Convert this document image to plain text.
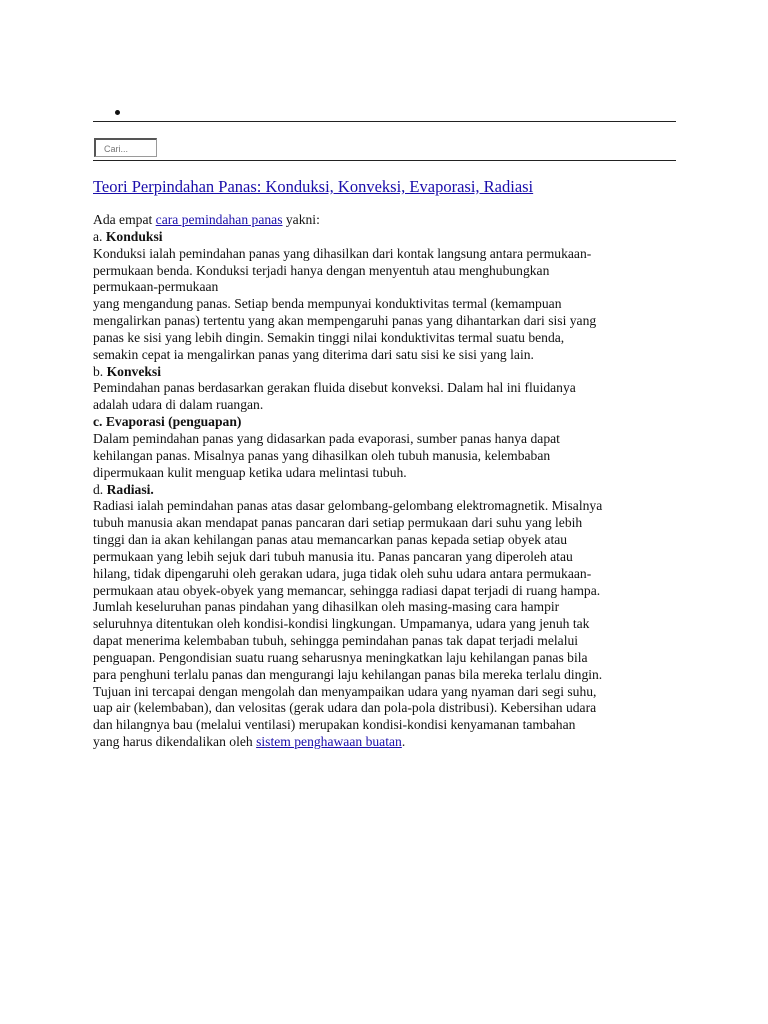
Cari...
Teori Perpindahan Panas: Konduksi, Konveksi, Evaporasi, Radiasi
Ada empat cara pemindahan panas yakni:
a. Konduksi
Konduksi ialah pemindahan panas yang dihasilkan dari kontak langsung antara permukaan-
permukaan benda. Konduksi terjadi hanya dengan menyentuh atau menghubungkan
permukaan-permukaan
yang mengandung panas. Setiap benda mempunyai konduktivitas termal (kemampuan
mengalirkan panas) tertentu yang akan mempengaruhi panas yang dihantarkan dari sisi yang
panas ke sisi yang lebih dingin. Semakin tinggi nilai konduktivitas termal suatu benda,
semakin cepat ia mengalirkan panas yang diterima dari satu sisi ke sisi yang lain.
b. Konveksi
Pemindahan panas berdasarkan gerakan fluida disebut konveksi. Dalam hal ini fluidanya
adalah udara di dalam ruangan.
c. Evaporasi (penguapan)
Dalam pemindahan panas yang didasarkan pada evaporasi, sumber panas hanya dapat
kehilangan panas. Misalnya panas yang dihasilkan oleh tubuh manusia, kelembaban
dipermukaan kulit menguap ketika udara melintasi tubuh.
d. Radiasi.
Radiasi ialah pemindahan panas atas dasar gelombang-gelombang elektromagnetik. Misalnya
tubuh manusia akan mendapat panas pancaran dari setiap permukaan dari suhu yang lebih
tinggi dan ia akan kehilangan panas atau memancarkan panas kepada setiap obyek atau
permukaan yang lebih sejuk dari tubuh manusia itu. Panas pancaran yang diperoleh atau
hilang, tidak dipengaruhi oleh gerakan udara, juga tidak oleh suhu udara antara permukaan-
permukaan atau obyek-obyek yang memancar, sehingga radiasi dapat terjadi di ruang hampa.
Jumlah keseluruhan panas pindahan yang dihasilkan oleh masing-masing cara hampir
seluruhnya ditentukan oleh kondisi-kondisi lingkungan. Umpamanya, udara yang jenuh tak
dapat menerima kelembaban tubuh, sehingga pemindahan panas tak dapat terjadi melalui
penguapan. Pengondisian suatu ruang seharusnya meningkatkan laju kehilangan panas bila
para penghuni terlalu panas dan mengurangi laju kehilangan panas bila mereka terlalu dingin.
Tujuan ini tercapai dengan mengolah dan menyampaikan udara yang nyaman dari segi suhu,
uap air (kelembaban), dan velositas (gerak udara dan pola-pola distribusi). Kebersihan udara
dan hilangnya bau (melalui ventilasi) merupakan kondisi-kondisi kenyamanan tambahan
yang harus dikendalikan oleh sistem penghawaan buatan.
